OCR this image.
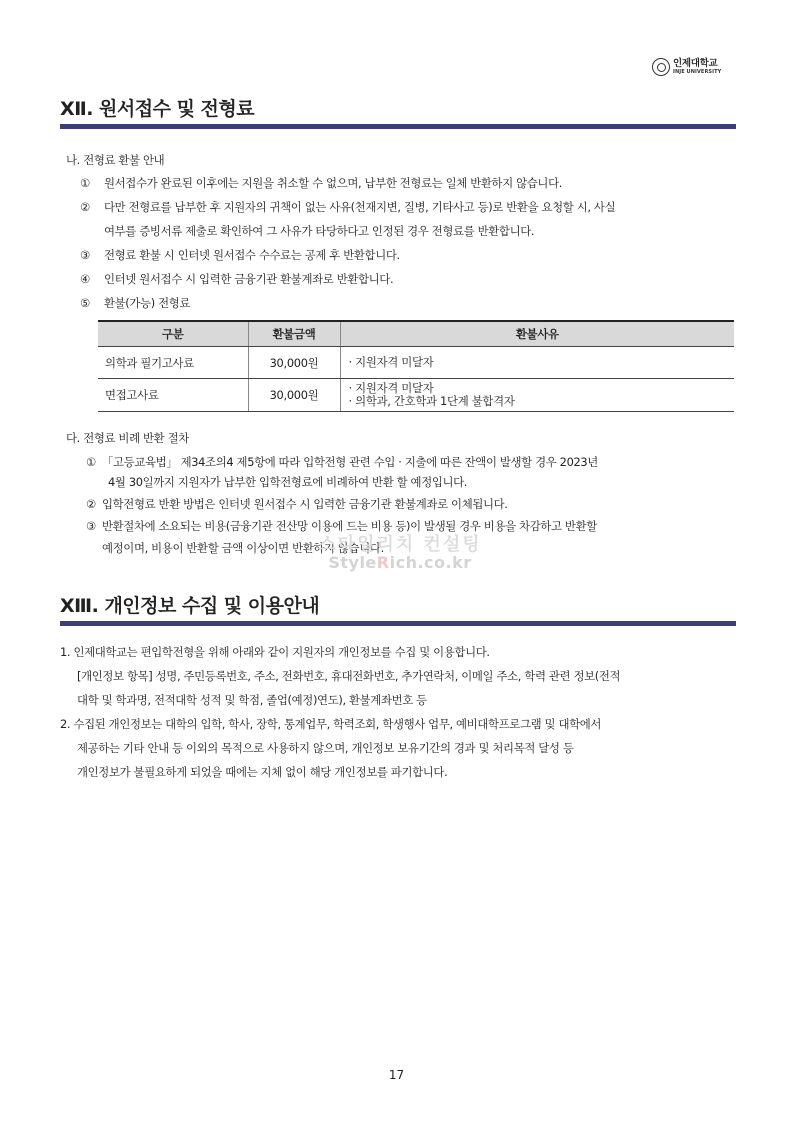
인제대학교
INJE UNIVERSITY
Ⅻ. 원서접수 및 전형료
나. 전형료 환불 안내
① 원서접수가 완료된 이후에는 지원을 취소할 수 없으며, 납부한 전형료는 일체 반환하지 않습니다.
② 다만 전형료를 납부한 후 지원자의 귀책이 없는 사유(천재지변, 질병, 기타사고 등)로 반환을 요청할 시, 사실
여부를 증빙서류 제출로 확인하여 그 사유가 타당하다고 인정된 경우 전형료를 반환합니다.
③ 전형료 환불 시 인터넷 원서접수 수수료는 공제 후 반환합니다.
④ 인터넷 원서접수 시 입력한 금융기관 환불계좌로 반환합니다.
⑤ 환불(가능) 전형료
구분	환불금액	환불사유
의학과 필기고사료	30,000원	· 지원자격 미달자

면접고사료	30,000원	· 지원자격 미달자
· 의학과, 간호학과 1단계 불합격자
다. 전형료 비례 반환 절차
① 「고등교육법」 제34조의4 제5항에 따라 입학전형 관련 수입 · 지출에 따른 잔액이 발생할 경우 2023년
4월 30일까지 지원자가 납부한 입학전형료에 비례하여 반환 할 예정입니다.
② 입학전형료 반환 방법은 인터넷 원서접수 시 입력한 금융기관 환불계좌로 이체됩니다.
③ 반환절차에 소요되는 비용(금융기관 전산망 이용에 드는 비용 등)이 발생될 경우 비용을 차감하고 반환할
예정이며, 비용이 반환할 금액 이상이면 반환하지 않습니다.
스타일리치 컨설팅
StyleRich.co.kr
ⅩⅢ. 개인정보 수집 및 이용안내
1. 인제대학교는 편입학전형을 위해 아래와 같이 지원자의 개인정보를 수집 및 이용합니다.
[개인정보 항목] 성명, 주민등록번호, 주소, 전화번호, 휴대전화번호, 추가연락처, 이메일 주소, 학력 관련 정보(전적
대학 및 학과명, 전적대학 성적 및 학점, 졸업(예정)연도), 환불계좌번호 등
2. 수집된 개인정보는 대학의 입학, 학사, 장학, 통계업무, 학력조회, 학생행사 업무, 예비대학프로그램 및 대학에서
제공하는 기타 안내 등 이외의 목적으로 사용하지 않으며, 개인정보 보유기간의 경과 및 처리목적 달성 등
개인정보가 불필요하게 되었을 때에는 지체 없이 해당 개인정보를 파기합니다.
17
